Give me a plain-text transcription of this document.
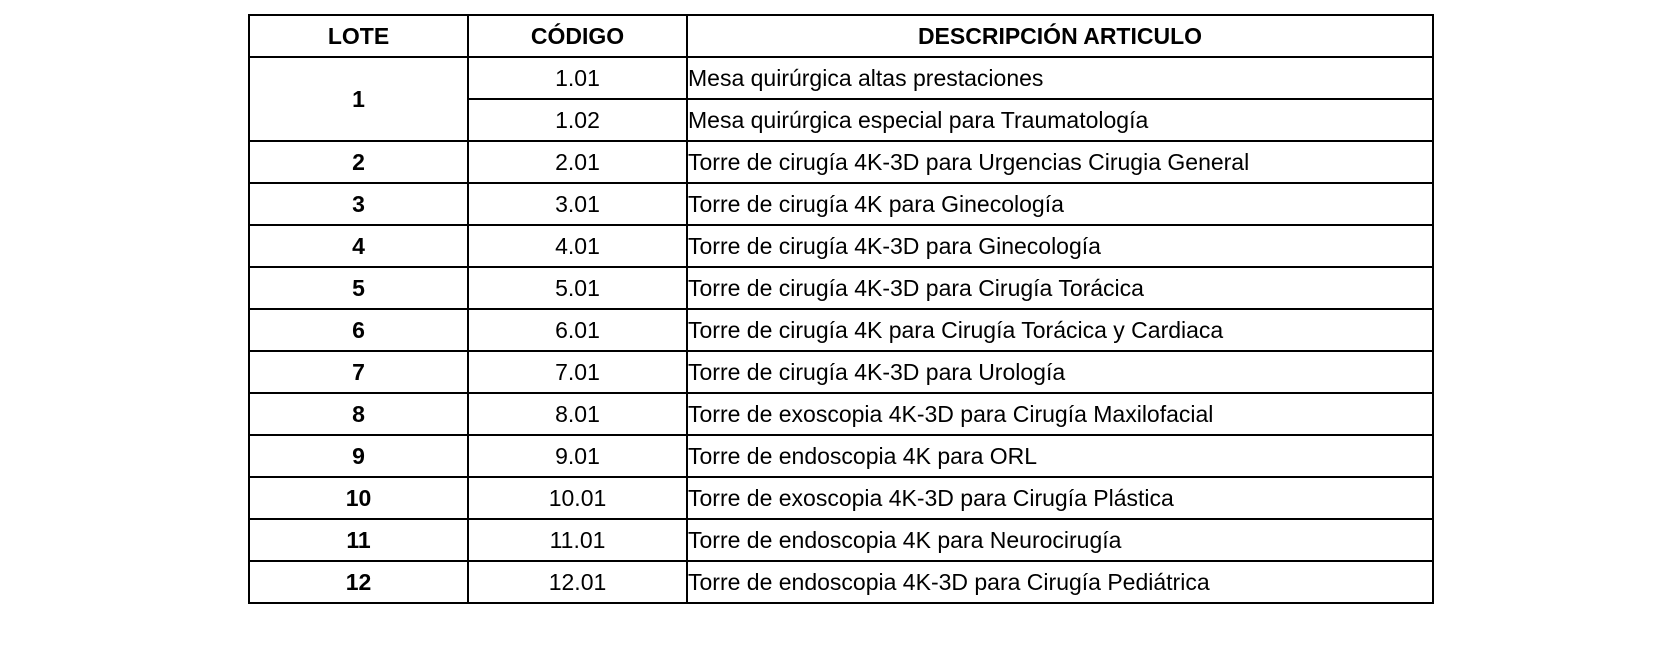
LOTE	CÓDIGO	DESCRIPCIÓN ARTICULO
1	1.01	Mesa quirúrgica altas prestaciones
	1.02	Mesa quirúrgica especial para Traumatología
2	2.01	Torre de cirugía 4K-3D para Urgencias Cirugia General
3	3.01	Torre de cirugía 4K para Ginecología
4	4.01	Torre de cirugía 4K-3D para Ginecología
5	5.01	Torre de cirugía 4K-3D para Cirugía Torácica
6	6.01	Torre de cirugía 4K para Cirugía Torácica y Cardiaca
7	7.01	Torre de cirugía 4K-3D para Urología
8	8.01	Torre de exoscopia 4K-3D para Cirugía Maxilofacial
9	9.01	Torre de endoscopia 4K para ORL
10	10.01	Torre de exoscopia 4K-3D para Cirugía Plástica
11	11.01	Torre de endoscopia 4K para Neurocirugía
12	12.01	Torre de endoscopia 4K-3D para Cirugía Pediátrica
